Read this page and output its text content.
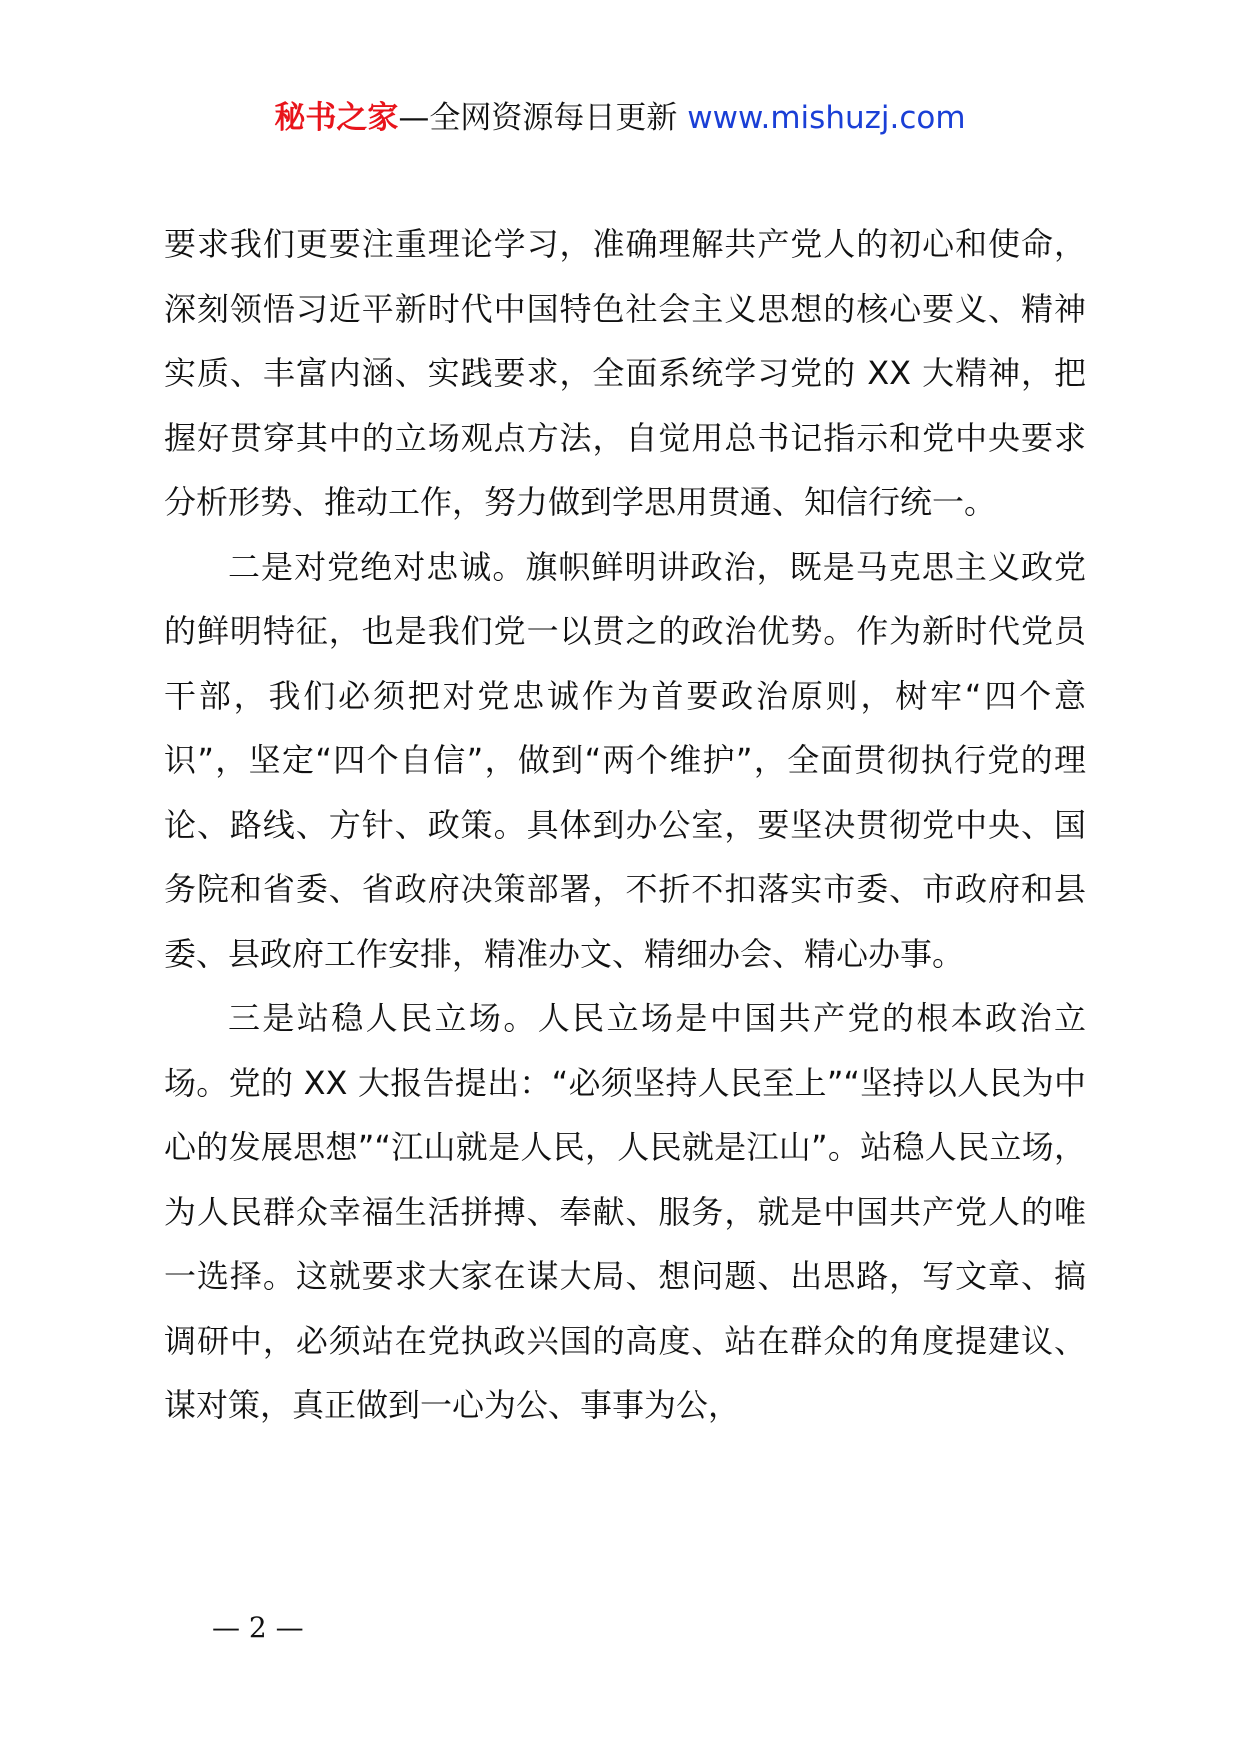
秘书之家—全网资源每日更新 www.mishuzj.com

要求我们更要注重理论学习，准确理解共产党人的初心和使命，深刻领悟习近平新时代中国特色社会主义思想的核心要义、精神实质、丰富内涵、实践要求，全面系统学习党的 XX 大精神，把握好贯穿其中的立场观点方法，自觉用总书记指示和党中央要求分析形势、推动工作，努力做到学思用贯通、知信行统一。

二是对党绝对忠诚。旗帜鲜明讲政治，既是马克思主义政党的鲜明特征，也是我们党一以贯之的政治优势。作为新时代党员干部，我们必须把对党忠诚作为首要政治原则，树牢“四个意识”，坚定“四个自信”，做到“两个维护”，全面贯彻执行党的理论、路线、方针、政策。具体到办公室，要坚决贯彻党中央、国务院和省委、省政府决策部署，不折不扣落实市委、市政府和县委、县政府工作安排，精准办文、精细办会、精心办事。

三是站稳人民立场。人民立场是中国共产党的根本政治立场。党的 XX 大报告提出：“必须坚持人民至上”“坚持以人民为中心的发展思想”“江山就是人民，人民就是江山”。站稳人民立场，为人民群众幸福生活拼搏、奉献、服务，就是中国共产党人的唯一选择。这就要求大家在谋大局、想问题、出思路，写文章、搞调研中，必须站在党执政兴国的高度、站在群众的角度提建议、谋对策，真正做到一心为公、事事为公，

— 2 —
